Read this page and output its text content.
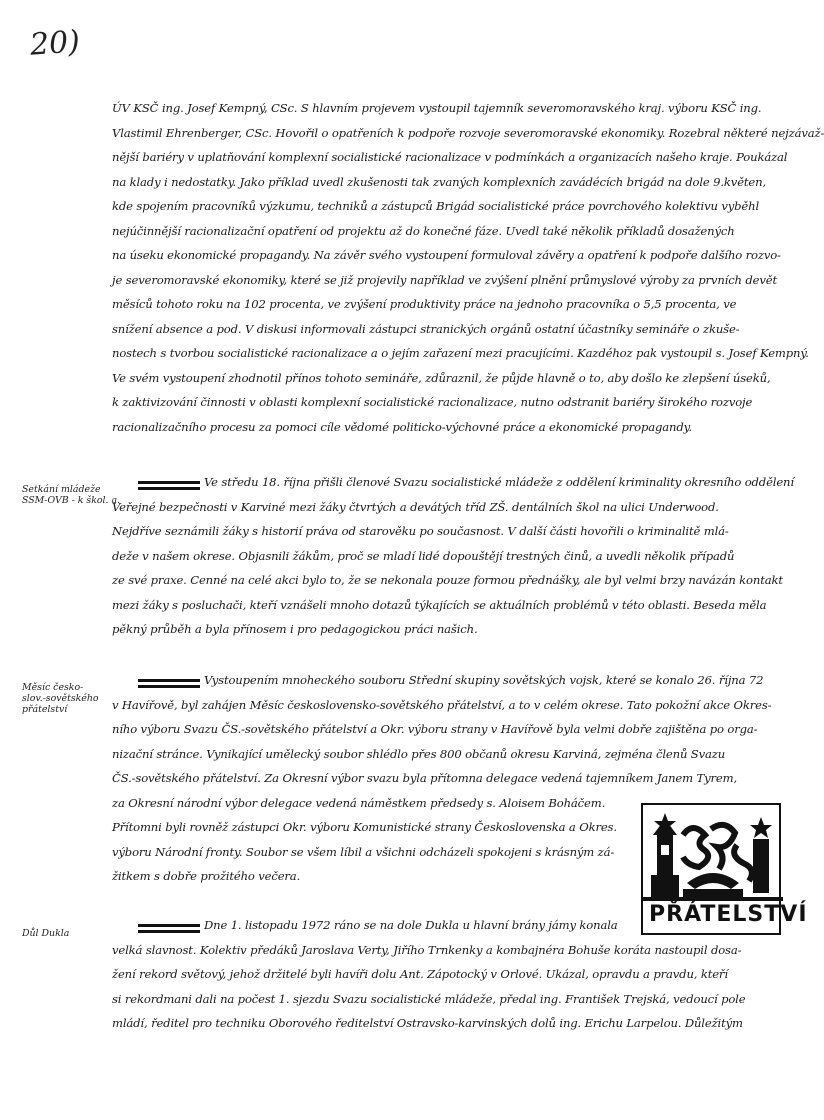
20)
ÚV KSČ ing. Josef Kempný, CSc. S hlavním projevem vystoupil tajemník severomoravského kraj. výboru KSČ ing.
Vlastimil Ehrenberger, CSc. Hovořil o opatřeních k podpoře rozvoje severomoravské ekonomiky. Rozebral některé nejzávaž-
nější bariéry v uplatňování komplexní socialistické racionalizace v podmínkách a organizacích našeho kraje. Poukázal
na klady i nedostatky. Jako příklad uvedl zkušenosti tak zvaných komplexních zavádécích brigád na dole 9.květen,
kde spojením pracovníků výzkumu, techniků a zástupců Brigád socialistické práce povrchového kolektivu vyběhl
nejúčinnější racionalizační opatření od projektu až do konečné fáze. Uvedl také několik příkladů dosažených
na úseku ekonomické propagandy. Na závěr svého vystoupení formuloval závěry a opatření k podpoře dalšího rozvo-
je severomoravské ekonomiky, které se již projevily například ve zvýšení plnění průmyslové výroby za prvních devět
měsíců tohoto roku na 102 procenta, ve zvýšení produktivity práce na jednoho pracovníka o 5,5 procenta, ve
snížení absence a pod. V diskusi informovali zástupci stranických orgánů ostatní účastníky semináře o zkuše-
nostech s tvorbou socialistické racionalizace a o jejím zařazení mezi pracujícími. Kazdéhoz pak vystoupil s. Josef Kempný.
Ve svém vystoupení zhodnotil přínos tohoto semináře, zdůraznil, že půjde hlavně o to, aby došlo ke zlepšení úseků,
k zaktivizování činnosti v oblasti komplexní socialistické racionalizace, nutno odstranit bariéry širokého rozvoje
racionalizačního procesu za pomoci cíle vědomé politicko-výchovné práce a ekonomické propagandy.
Setkání mládeže
SSM-OVB - k škol. a.
Ve středu 18. října přišli členové Svazu socialistické mládeže z oddělení kriminality okresního oddělení
Veřejné bezpečnosti v Karviné mezi žáky čtvrtých a devátých tříd ZŠ. dentálních škol na ulici Underwood.
Nejdříve seznámili žáky s historií práva od starověku po současnost. V další části hovořili o kriminalitě mlá-
deže v našem okrese. Objasnili žákům, proč se mladí lidé dopouštějí trestných činů, a uvedli několik případů
ze své praxe. Cenné na celé akci bylo to, že se nekonala pouze formou přednášky, ale byl velmi brzy navázán kontakt
mezi žáky s posluchači, kteří vznášeli mnoho dotazů týkajících se aktuálních problémů v této oblasti. Beseda měla
pěkný průběh a byla přínosem i pro pedagogickou práci našich.
Měsíc česko-
slov.-sovětského
přátelství
Vystoupením mnoheckého souboru Střední skupiny sovětských vojsk, které se konalo 26. října 72
v Havířově, byl zahájen Měsíc československo-sovětského přátelství, a to v celém okrese. Tato pokožní akce Okres-
ního výboru Svazu ČS.-sovětského přátelství a Okr. výboru strany v Havířově byla velmi dobře zajištěna po orga-
nizační stránce. Vynikající umělecký soubor shlédlo přes 800 občanů okresu Karviná, zejména členů Svazu
ČS.-sovětského přátelství. Za Okresní výbor svazu byla přítomna delegace vedená tajemníkem Janem Tyrem,
za Okresní národní výbor delegace vedená náměstkem předsedy s. Aloisem Boháčem.
Přítomni byli rovněž zástupci Okr. výboru Komunistické strany Československa a Okres.
výboru Národní fronty. Soubor se všem líbil a všichni odcházeli spokojeni s krásným zá-
žitkem s dobře prožitého večera.
PŘÁTELSTVÍ
Důl Dukla
Dne 1. listopadu 1972 ráno se na dole Dukla u hlavní brány jámy konala
velká slavnost. Kolektiv předáků Jaroslava Verty, Jiřího Trnkenky a kombajnéra Bohuše koráta nastoupil dosa-
žení rekord světový, jehož držitelé byli havíři dolu Ant. Zápotocký v Orlové. Ukázal, opravdu a pravdu, kteří
si rekordmani dali na počest 1. sjezdu Svazu socialistické mládeže, předal ing. František Trejská, vedoucí pole
mládí, ředitel pro techniku Oborového ředitelství Ostravsko-karvinských dolů ing. Erichu Larpelou. Důležitým
